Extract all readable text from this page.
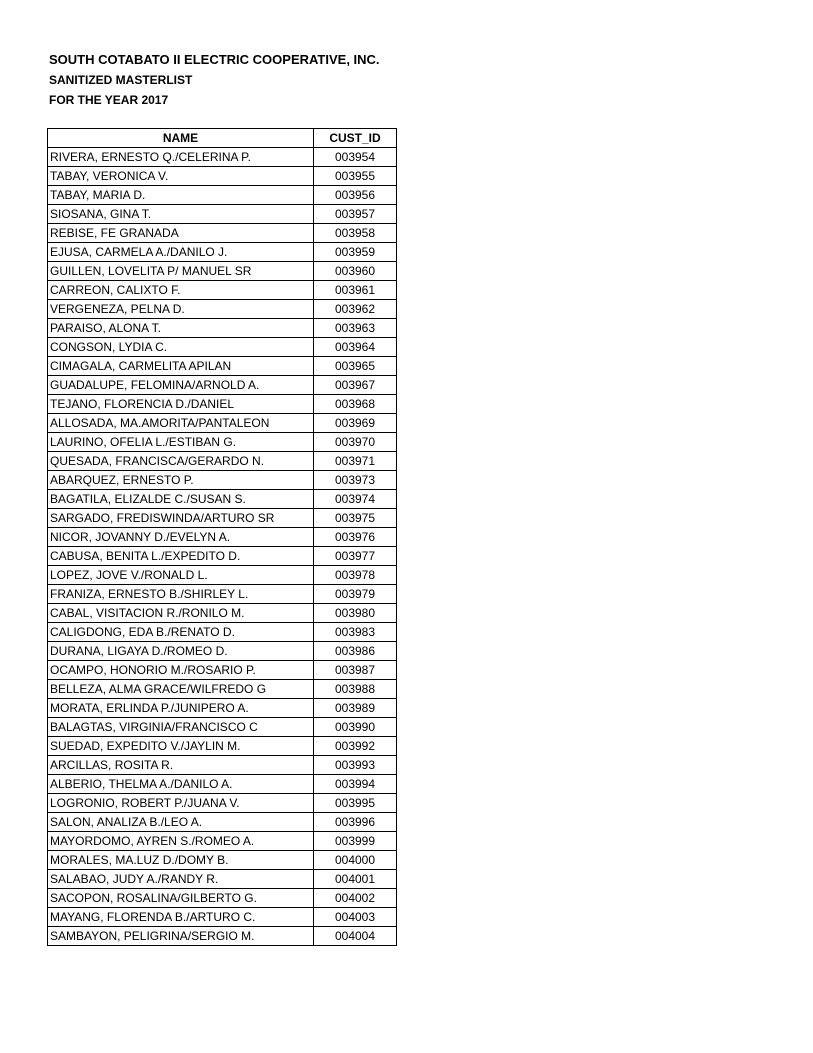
SOUTH COTABATO II ELECTRIC COOPERATIVE, INC.
SANITIZED MASTERLIST
FOR THE YEAR 2017
NAME	CUST_ID
RIVERA, ERNESTO Q./CELERINA P.	003954
TABAY, VERONICA V.	003955
TABAY, MARIA D.	003956
SIOSANA, GINA T.	003957
REBISE, FE GRANADA	003958
EJUSA, CARMELA A./DANILO J.	003959
GUILLEN, LOVELITA P/ MANUEL SR	003960
CARREON, CALIXTO F.	003961
VERGENEZA, PELNA D.	003962
PARAISO, ALONA T.	003963
CONGSON, LYDIA C.	003964
CIMAGALA, CARMELITA APILAN	003965
GUADALUPE, FELOMINA/ARNOLD A.	003967
TEJANO, FLORENCIA D./DANIEL	003968
ALLOSADA, MA.AMORITA/PANTALEON	003969
LAURINO, OFELIA L./ESTIBAN G.	003970
QUESADA, FRANCISCA/GERARDO N.	003971
ABARQUEZ, ERNESTO P.	003973
BAGATILA, ELIZALDE C./SUSAN S.	003974
SARGADO, FREDISWINDA/ARTURO SR	003975
NICOR, JOVANNY D./EVELYN A.	003976
CABUSA, BENITA L./EXPEDITO D.	003977
LOPEZ, JOVE V./RONALD L.	003978
FRANIZA, ERNESTO B./SHIRLEY L.	003979
CABAL, VISITACION R./RONILO M.	003980
CALIGDONG, EDA B./RENATO D.	003983
DURANA, LIGAYA D./ROMEO D.	003986
OCAMPO, HONORIO M./ROSARIO P.	003987
BELLEZA, ALMA GRACE/WILFREDO G	003988
MORATA, ERLINDA P./JUNIPERO A.	003989
BALAGTAS, VIRGINIA/FRANCISCO C	003990
SUEDAD, EXPEDITO V./JAYLIN M.	003992
ARCILLAS, ROSITA R.	003993
ALBERIO, THELMA A./DANILO A.	003994
LOGRONIO, ROBERT P./JUANA V.	003995
SALON, ANALIZA B./LEO A.	003996
MAYORDOMO, AYREN S./ROMEO A.	003999
MORALES, MA.LUZ D./DOMY B.	004000
SALABAO, JUDY A./RANDY R.	004001
SACOPON, ROSALINA/GILBERTO G.	004002
MAYANG, FLORENDA B./ARTURO C.	004003
SAMBAYON, PELIGRINA/SERGIO M.	004004
